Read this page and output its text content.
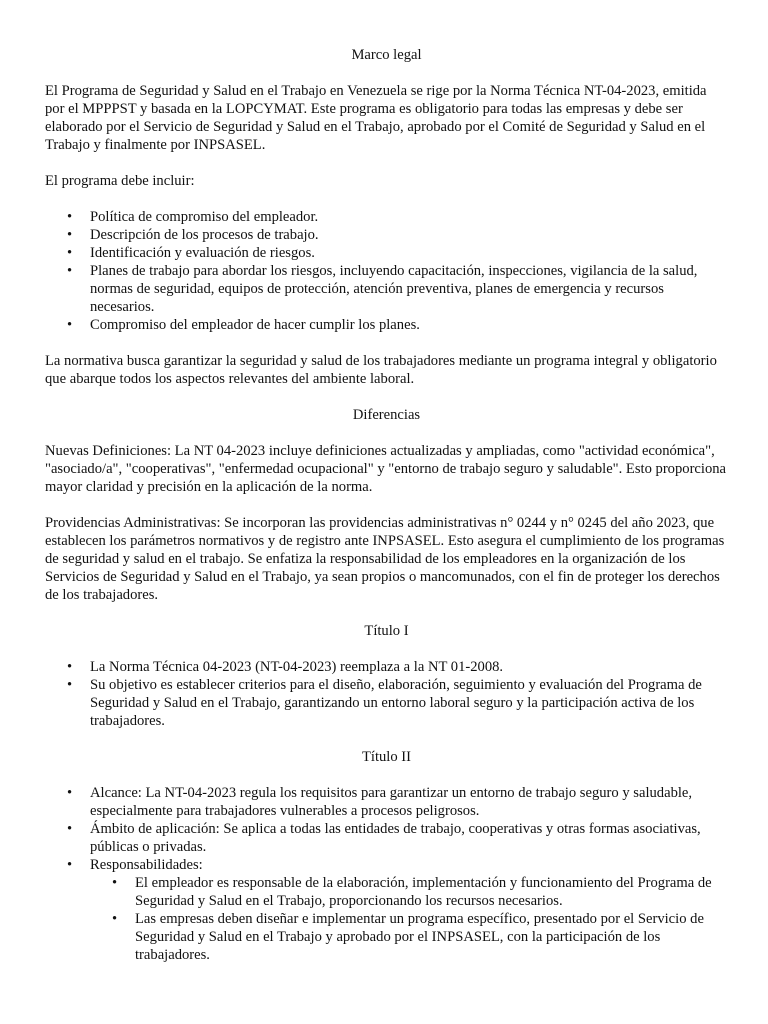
Marco legal

El Programa de Seguridad y Salud en el Trabajo en Venezuela se rige por la Norma Técnica NT-04-2023, emitida por el MPPPST y basada en la LOPCYMAT. Este programa es obligatorio para todas las empresas y debe ser elaborado por el Servicio de Seguridad y Salud en el Trabajo, aprobado por el Comité de Seguridad y Salud en el Trabajo y finalmente por INPSASEL.

El programa debe incluir:

• Política de compromiso del empleador.
• Descripción de los procesos de trabajo.
• Identificación y evaluación de riesgos.
• Planes de trabajo para abordar los riesgos, incluyendo capacitación, inspecciones, vigilancia de la salud, normas de seguridad, equipos de protección, atención preventiva, planes de emergencia y recursos necesarios.
• Compromiso del empleador de hacer cumplir los planes.

La normativa busca garantizar la seguridad y salud de los trabajadores mediante un programa integral y obligatorio que abarque todos los aspectos relevantes del ambiente laboral.

Diferencias

Nuevas Definiciones: La NT 04-2023 incluye definiciones actualizadas y ampliadas, como "actividad económica", "asociado/a", "cooperativas", "enfermedad ocupacional" y "entorno de trabajo seguro y saludable". Esto proporciona mayor claridad y precisión en la aplicación de la norma.

Providencias Administrativas: Se incorporan las providencias administrativas n° 0244 y n° 0245 del año 2023, que establecen los parámetros normativos y de registro ante INPSASEL. Esto asegura el cumplimiento de los programas de seguridad y salud en el trabajo. Se enfatiza la responsabilidad de los empleadores en la organización de los Servicios de Seguridad y Salud en el Trabajo, ya sean propios o mancomunados, con el fin de proteger los derechos de los trabajadores.

Título I
• La Norma Técnica 04-2023 (NT-04-2023) reemplaza a la NT 01-2008.
• Su objetivo es establecer criterios para el diseño, elaboración, seguimiento y evaluación del Programa de Seguridad y Salud en el Trabajo, garantizando un entorno laboral seguro y la participación activa de los trabajadores.
Título II
• Alcance: La NT-04-2023 regula los requisitos para garantizar un entorno de trabajo seguro y saludable, especialmente para trabajadores vulnerables a procesos peligrosos.
• Ámbito de aplicación: Se aplica a todas las entidades de trabajo, cooperativas y otras formas asociativas, públicas o privadas.
• Responsabilidades:
• El empleador es responsable de la elaboración, implementación y funcionamiento del Programa de Seguridad y Salud en el Trabajo, proporcionando los recursos necesarios.
• Las empresas deben diseñar e implementar un programa específico, presentado por el Servicio de Seguridad y Salud en el Trabajo y aprobado por el INPSASEL, con la participación de los trabajadores.
